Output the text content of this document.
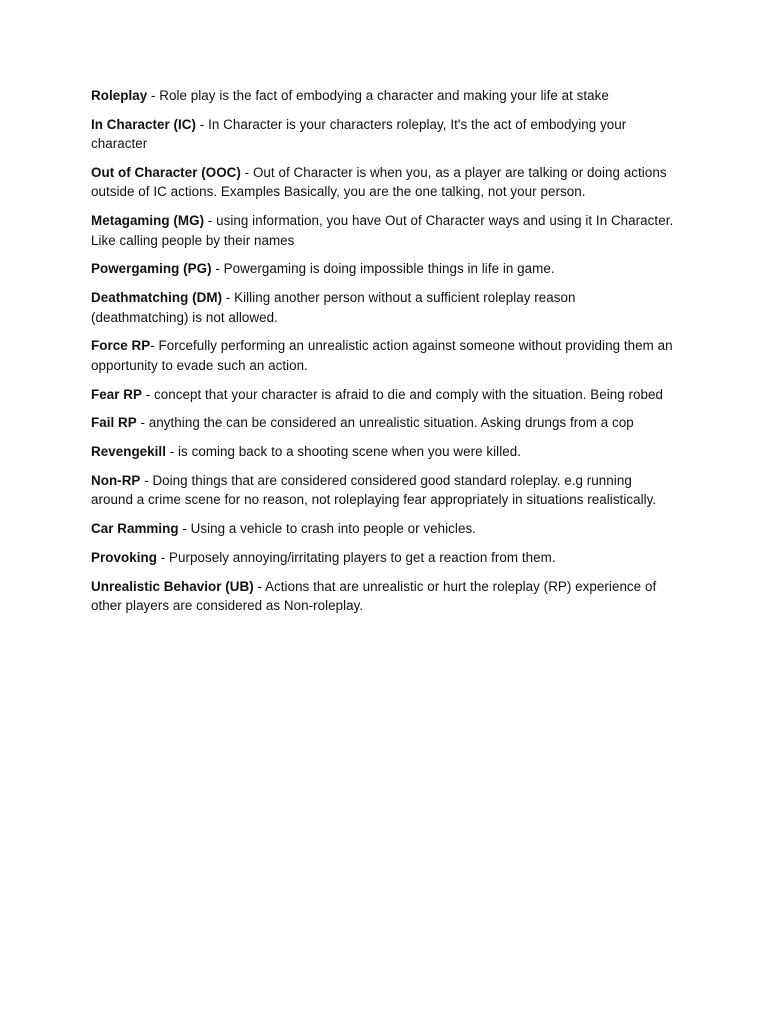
Roleplay - Role play is the fact of embodying a character and making your life at stake

In Character (IC) - In Character is your characters roleplay, It's the act of embodying your character

Out of Character (OOC) - Out of Character is when you, as a player are talking or doing actions outside of IC actions. Examples Basically, you are the one talking, not your person.

Metagaming (MG) - using information, you have Out of Character ways and using it In Character. Like calling people by their names

Powergaming (PG) - Powergaming is doing impossible things in life in game.

Deathmatching (DM) - Killing another person without a sufficient roleplay reason (deathmatching) is not allowed.

Force RP- Forcefully performing an unrealistic action against someone without providing them an opportunity to evade such an action.

Fear RP - concept that your character is afraid to die and comply with the situation. Being robed

Fail RP - anything the can be considered an unrealistic situation. Asking drungs from a cop

Revengekill - is coming back to a shooting scene when you were killed.

Non-RP - Doing things that are considered considered good standard roleplay. e.g running around a crime scene for no reason, not roleplaying fear appropriately in situations realistically.

Car Ramming - Using a vehicle to crash into people or vehicles.

Provoking - Purposely annoying/irritating players to get a reaction from them.

Unrealistic Behavior (UB) - Actions that are unrealistic or hurt the roleplay (RP) experience of other players are considered as Non-roleplay.
